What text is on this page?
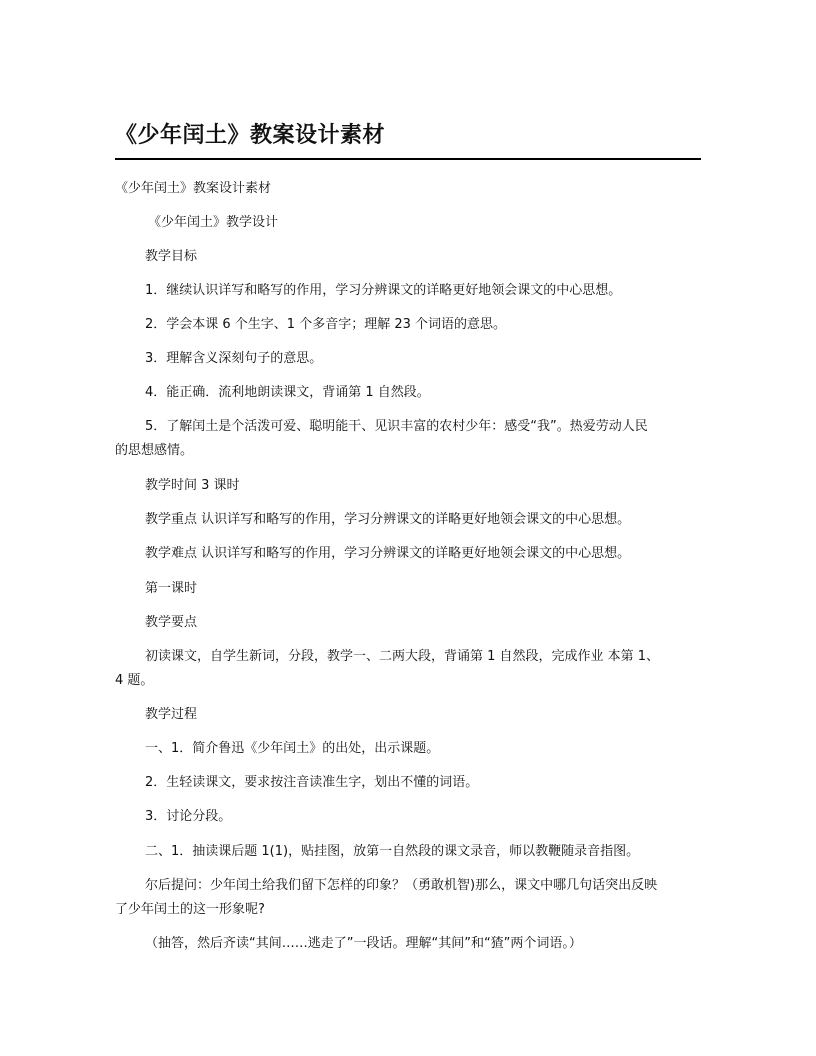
《少年闰土》教案设计素材
《少年闰土》教案设计素材
《少年闰土》教学设计
教学目标
1．继续认识详写和略写的作用，学习分辨课文的详略更好地领会课文的中心思想。
2．学会本课 6 个生字、1 个多音字；理解 23 个词语的意思。
3．理解含义深刻句子的意思。
4．能正确．流利地朗读课文，背诵第 1 自然段。
5．了解闰土是个活泼可爱、聪明能干、见识丰富的农村少年：感受“我”。热爱劳动人民
的思想感情。
教学时间 3 课时
教学重点 认识详写和略写的作用，学习分辨课文的详略更好地领会课文的中心思想。
教学难点 认识详写和略写的作用，学习分辨课文的详略更好地领会课文的中心思想。
第一课时
教学要点
初读课文，自学生新词，分段，教学一、二两大段，背诵第 1 自然段，完成作业 本第 1、
4 题。
教学过程
一、1．简介鲁迅《少年闰土》的出处，出示课题。
2．生轻读课文，要求按注音读准生字，划出不懂的词语。
3．讨论分段。
二、1．抽读课后题 1(1)，贴挂图，放第一自然段的课文录音，师以教鞭随录音指图。
尔后提问：少年闰土给我们留下怎样的印象？（勇敢机智)那么，课文中哪几句话突出反映
了少年闰土的这一形象呢?
（抽答，然后齐读“其间……逃走了”一段话。理解“其间”和“猹”两个词语。）
